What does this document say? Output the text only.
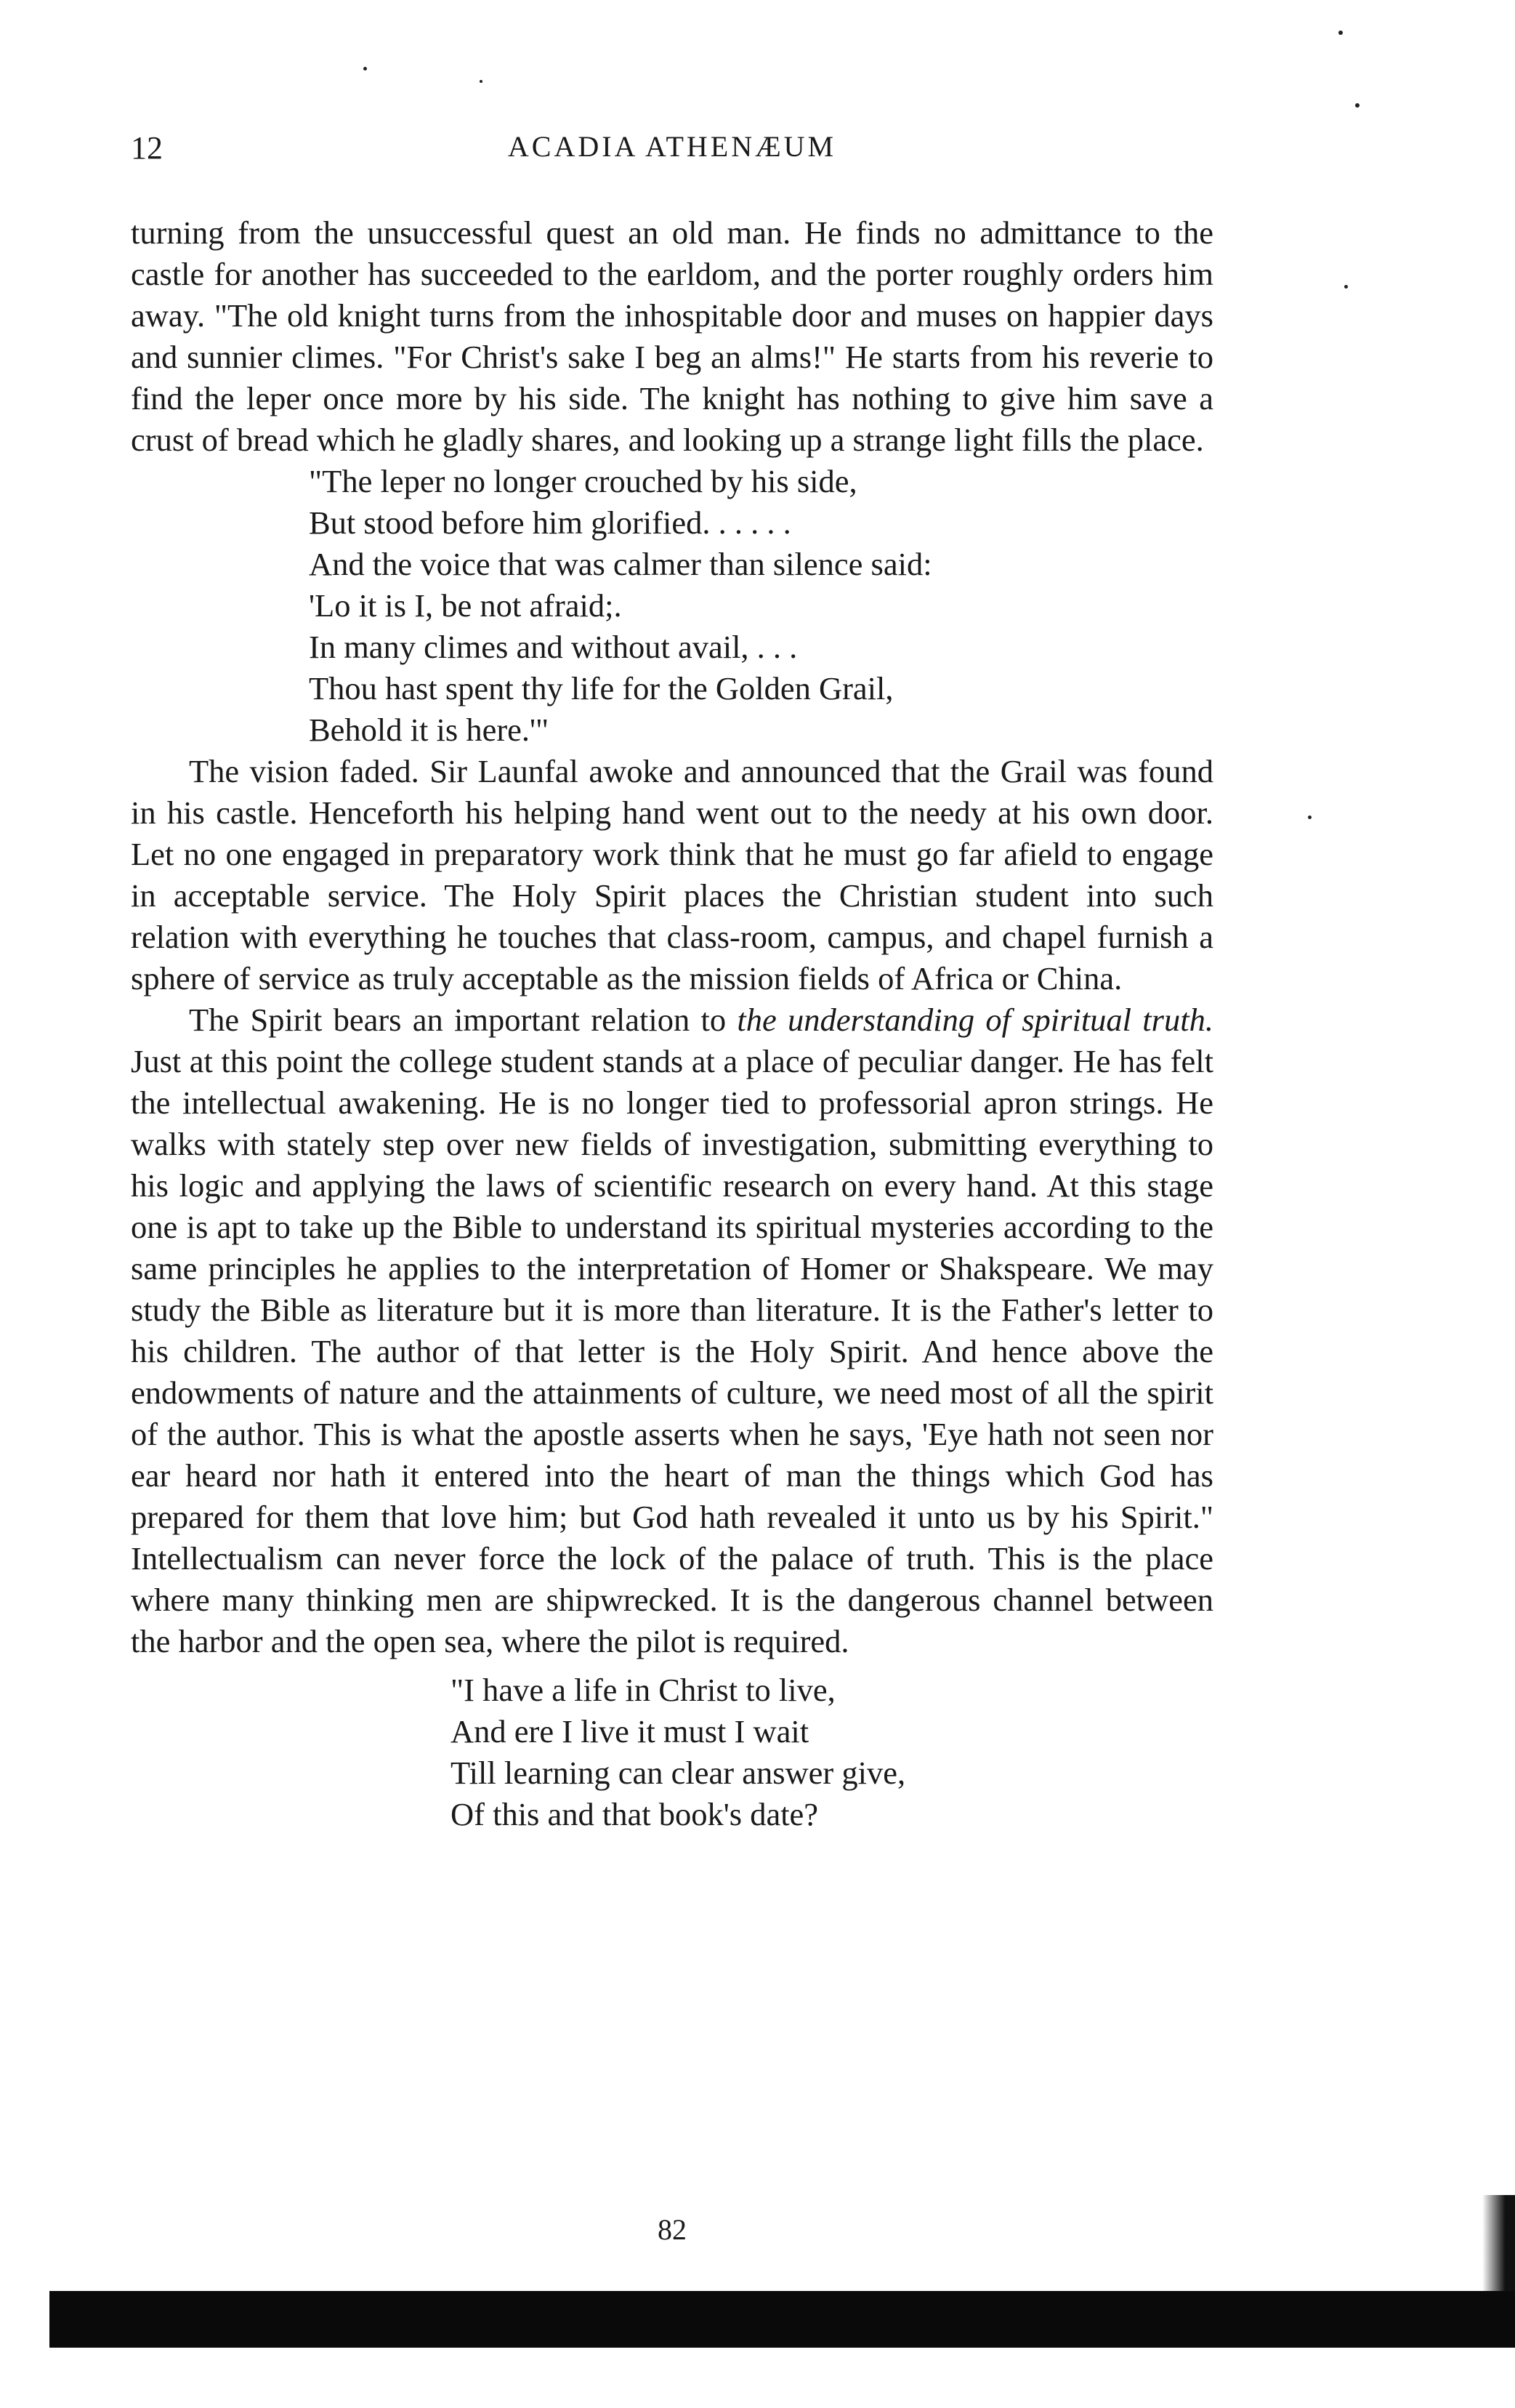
12	ACADIA ATHENÆUM

turning from the unsuccessful quest an old man. He finds no admittance to the castle for another has succeeded to the earldom, and the porter roughly orders him away. "The old knight turns from the inhospitable door and muses on happier days and sunnier climes. "For Christ's sake I beg an alms!" He starts from his reverie to find the leper once more by his side. The knight has nothing to give him save a crust of bread which he gladly shares, and looking up a strange light fills the place.

"The leper no longer crouched by his side,
But stood before him glorified. . . . . .
And the voice that was calmer than silence said:
'Lo it is I, be not afraid;.
In many climes and without avail, . . .
Thou hast spent thy life for the Golden Grail,
Behold it is here.'"

The vision faded. Sir Launfal awoke and announced that the Grail was found in his castle. Henceforth his helping hand went out to the needy at his own door. Let no one engaged in preparatory work think that he must go far afield to engage in acceptable service. The Holy Spirit places the Christian student into such relation with everything he touches that class-room, campus, and chapel furnish a sphere of service as truly acceptable as the mission fields of Africa or China.

The Spirit bears an important relation to the understanding of spiritual truth. Just at this point the college student stands at a place of peculiar danger. He has felt the intellectual awakening. He is no longer tied to professorial apron strings. He walks with stately step over new fields of investigation, submitting everything to his logic and applying the laws of scientific research on every hand. At this stage one is apt to take up the Bible to understand its spiritual mysteries according to the same principles he applies to the interpretation of Homer or Shakspeare. We may study the Bible as literature but it is more than literature. It is the Father's letter to his children. The author of that letter is the Holy Spirit. And hence above the endowments of nature and the attainments of culture, we need most of all the spirit of the author. This is what the apostle asserts when he says, 'Eye hath not seen nor ear heard nor hath it entered into the heart of man the things which God has prepared for them that love him; but God hath revealed it unto us by his Spirit." Intellectualism can never force the lock of the palace of truth. This is the place where many thinking men are shipwrecked. It is the dangerous channel between the harbor and the open sea, where the pilot is required.

"I have a life in Christ to live,
And ere I live it must I wait
Till learning can clear answer give,
Of this and that book's date?
82
